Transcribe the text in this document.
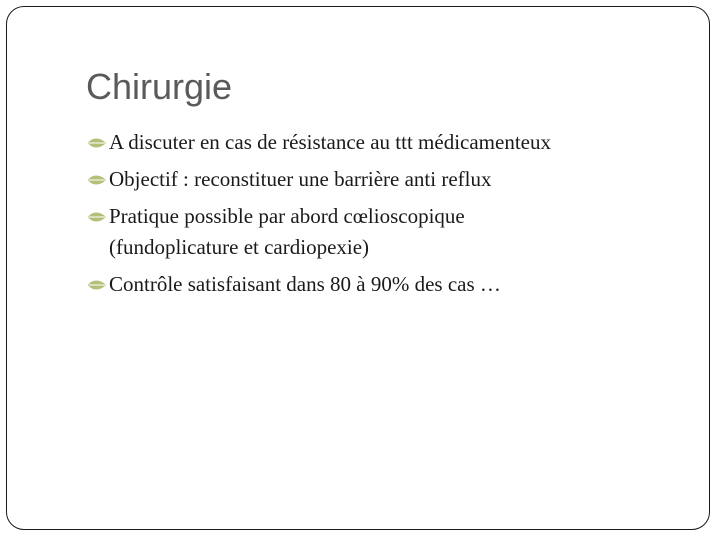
Chirurgie
A discuter en cas de résistance au ttt médicamenteux
Objectif : reconstituer une barrière anti reflux
Pratique possible par abord cœlioscopique
(fundoplicature et cardiopexie)
Contrôle satisfaisant dans 80 à 90% des cas …
